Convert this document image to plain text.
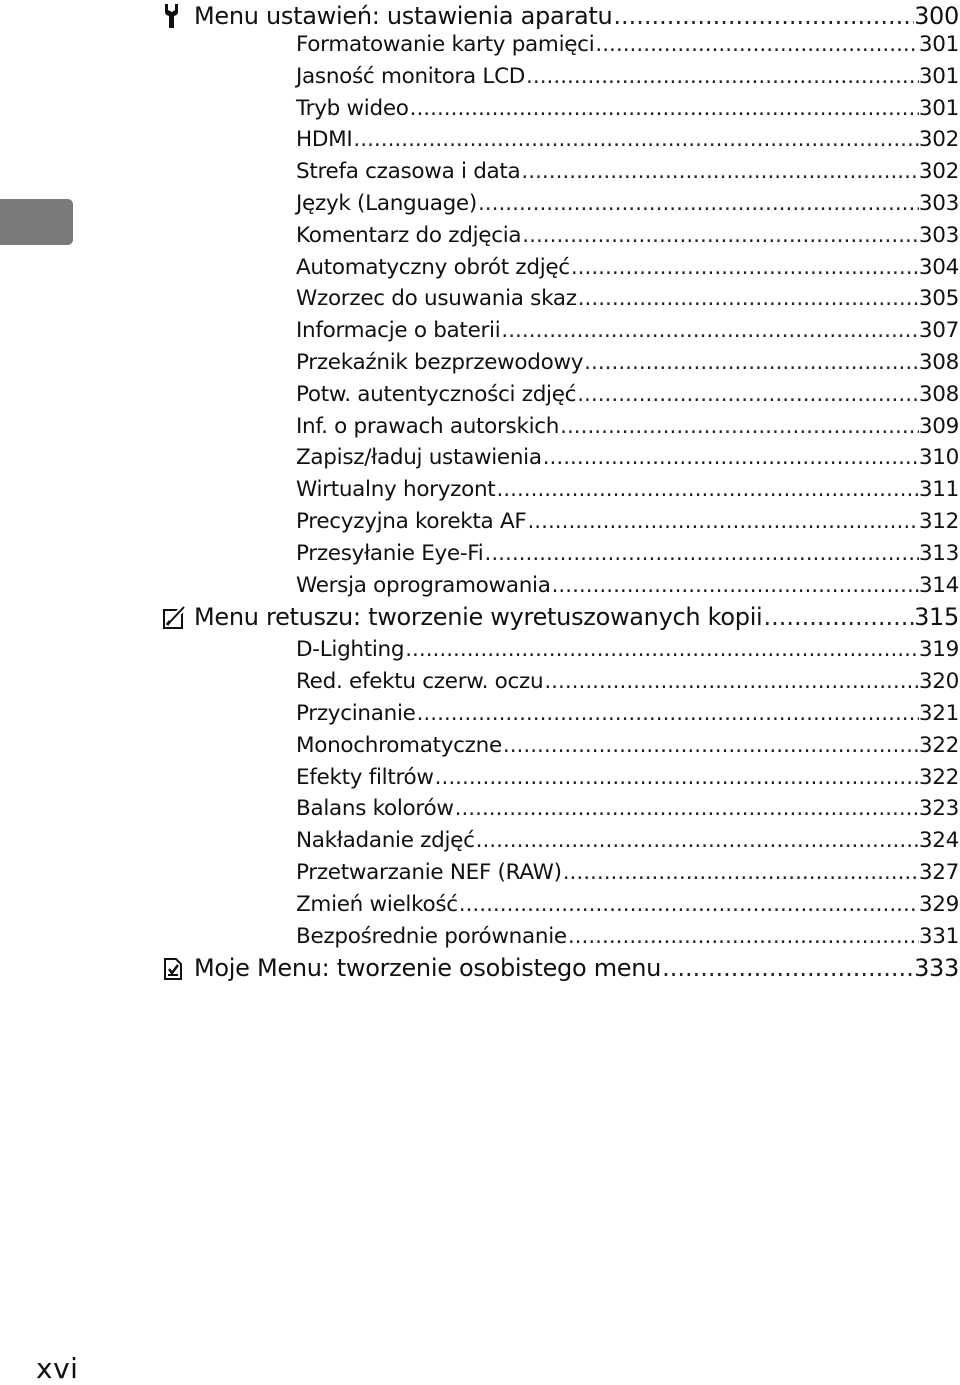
Menu ustawień: ustawienia aparatu .....	300
Formatowanie karty pamięci .....	301
Jasność monitora LCD .....	301
Tryb wideo .....	301
HDMI .....	302
Strefa czasowa i data .....	302
Język (Language) .....	303
Komentarz do zdjęcia .....	303
Automatyczny obrót zdjęć .....	304
Wzorzec do usuwania skaz .....	305
Informacje o baterii .....	307
Przekaźnik bezprzewodowy .....	308
Potw. autentyczności zdjęć .....	308
Inf. o prawach autorskich .....	309
Zapisz/ładuj ustawienia .....	310
Wirtualny horyzont .....	311
Precyzyjna korekta AF .....	312
Przesyłanie Eye-Fi .....	313
Wersja oprogramowania .....	314
Menu retuszu: tworzenie wyretuszowanych kopii .....	315
D-Lighting .....	319
Red. efektu czerw. oczu .....	320
Przycinanie .....	321
Monochromatyczne .....	322
Efekty filtrów .....	322
Balans kolorów .....	323
Nakładanie zdjęć .....	324
Przetwarzanie NEF (RAW) .....	327
Zmień wielkość .....	329
Bezpośrednie porównanie .....	331
Moje Menu: tworzenie osobistego menu .....	333
xvi
